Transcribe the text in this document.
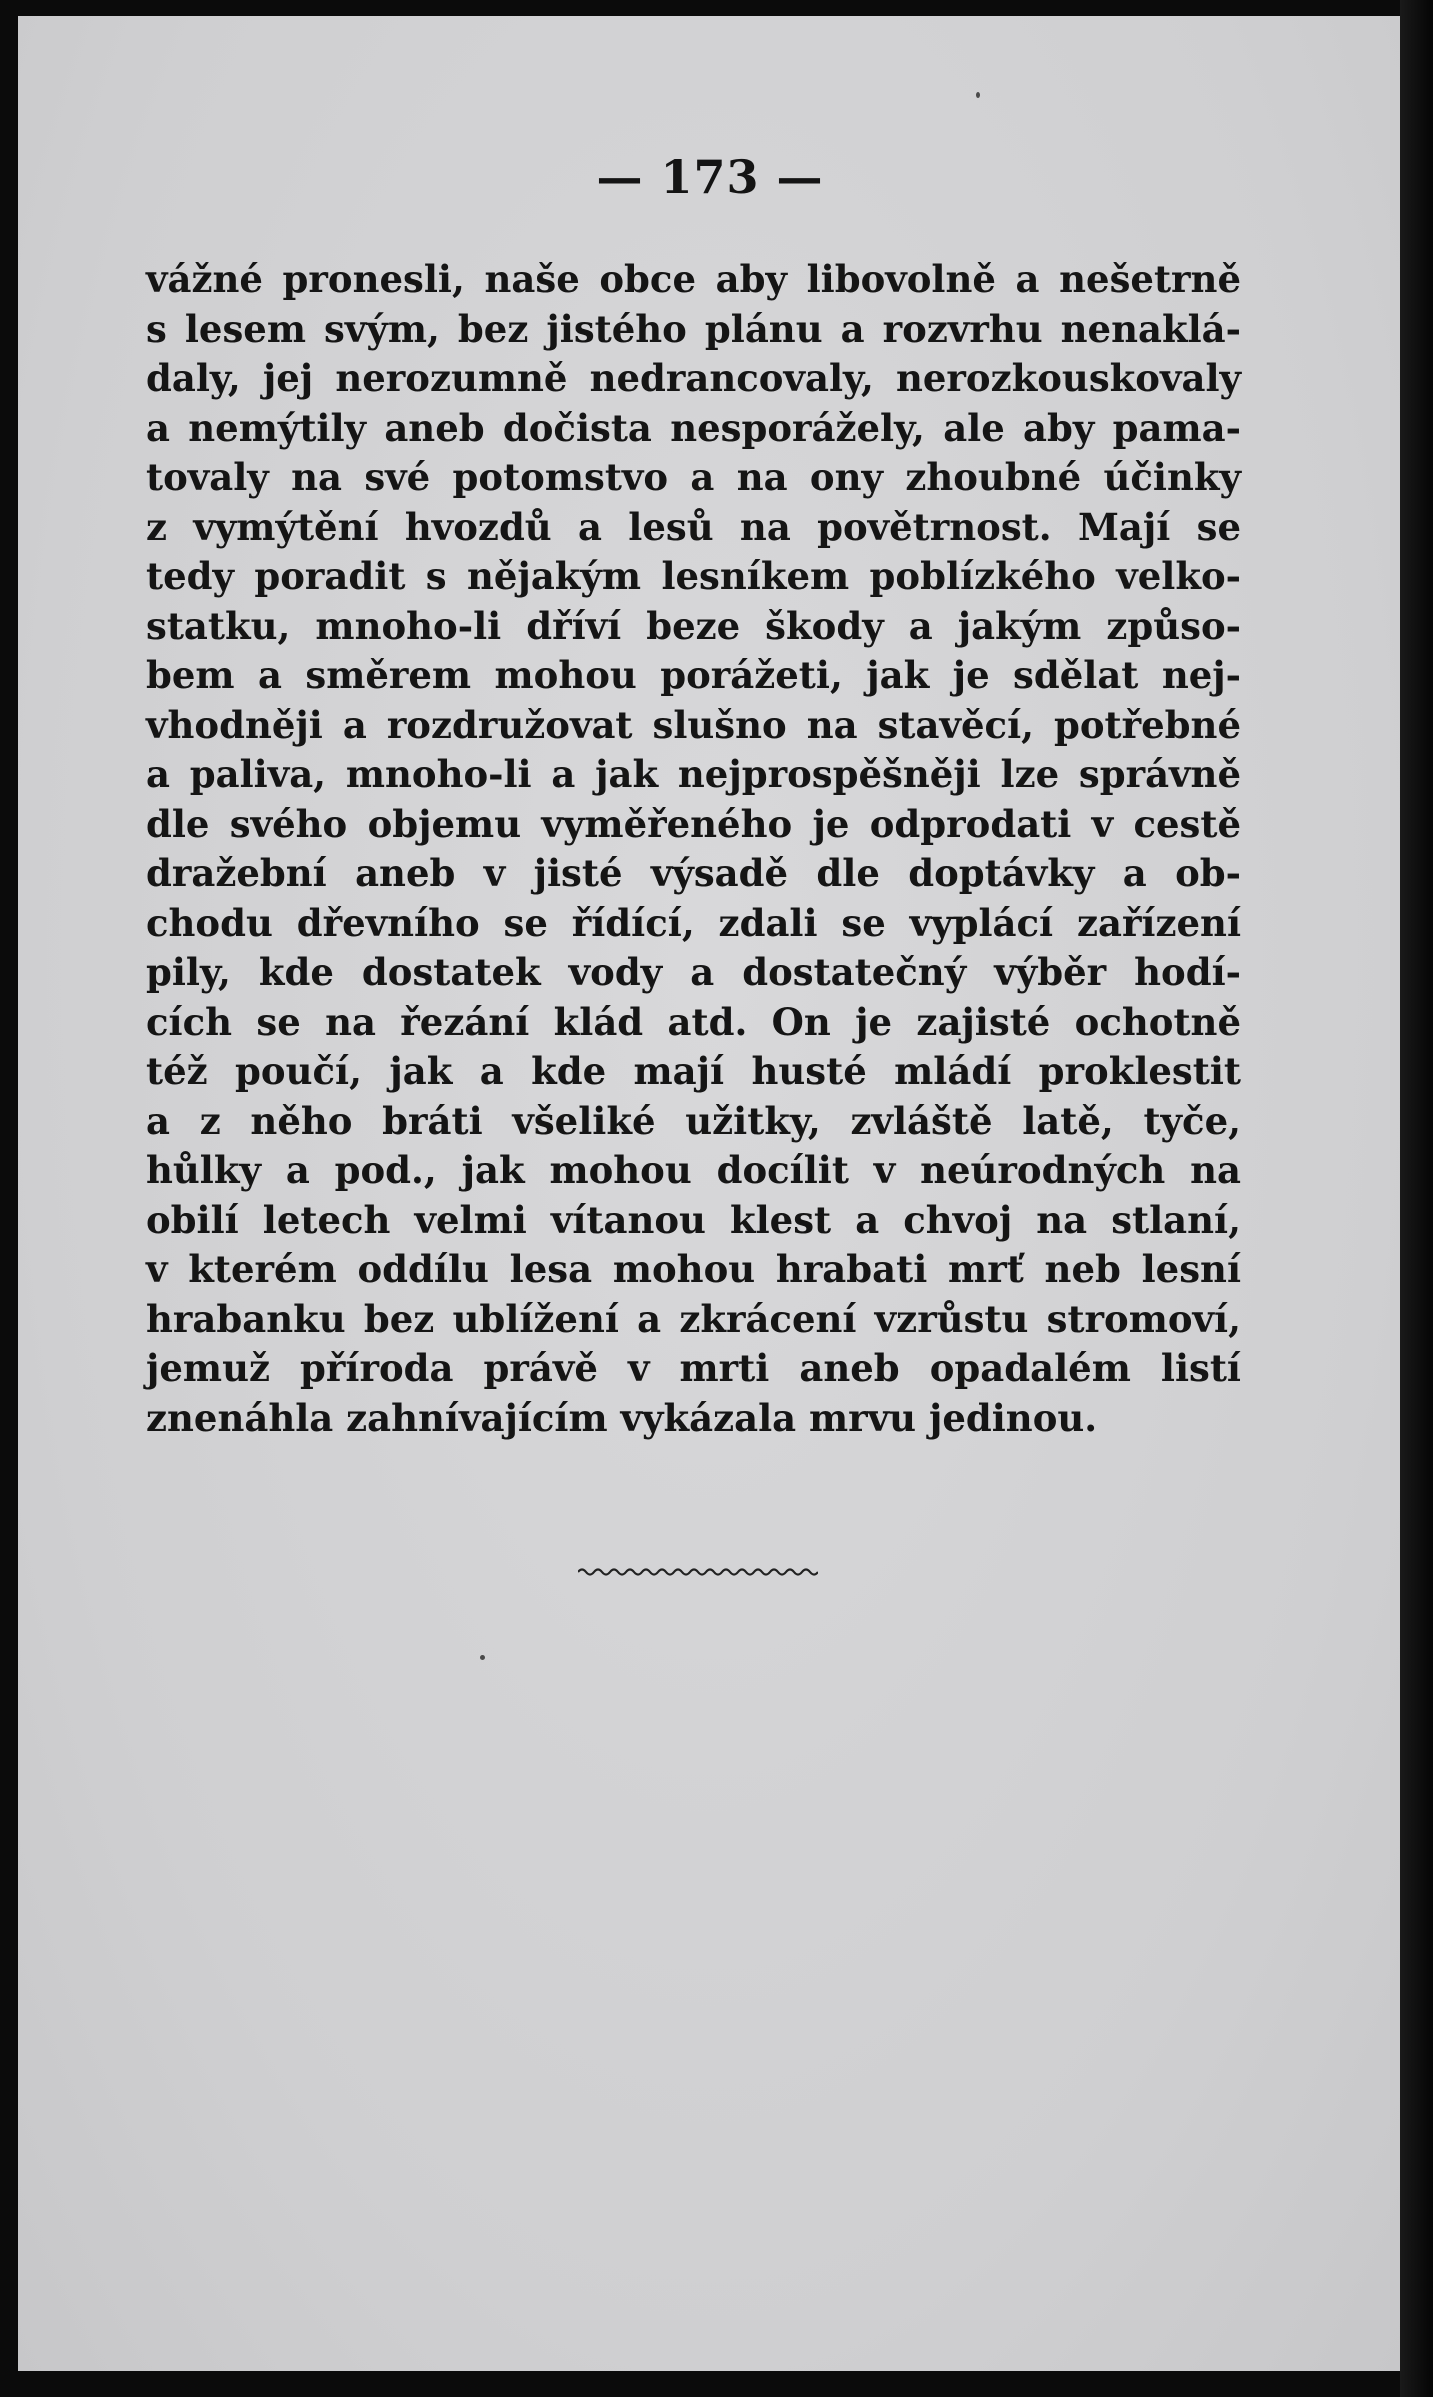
— 173 —
vážné pronesli, naše obce aby libovolně a nešetrně
s lesem svým, bez jistého plánu a rozvrhu nenaklá-
daly, jej nerozumně nedrancovaly, nerozkouskovaly
a nemýtily aneb dočista nesporážely, ale aby pama-
tovaly na své potomstvo a na ony zhoubné účinky
z vymýtění hvozdů a lesů na povětrnost. Mají se
tedy poradit s nějakým lesníkem poblízkého velko-
statku, mnoho-li dříví beze škody a jakým způso-
bem a směrem mohou porážeti, jak je sdělat nej-
vhodněji a rozdružovat slušno na stavěcí, potřebné
a paliva, mnoho-li a jak nejprospěšněji lze správně
dle svého objemu vyměřeného je odprodati v cestě
dražební aneb v jisté výsadě dle doptávky a ob-
chodu dřevního se řídící, zdali se vyplácí zařízení
pily, kde dostatek vody a dostatečný výběr hodí-
cích se na řezání klád atd. On je zajisté ochotně
též poučí, jak a kde mají husté mládí proklestit
a z něho bráti všeliké užitky, zvláště latě, tyče,
hůlky a pod., jak mohou docílit v neúrodných na
obilí letech velmi vítanou klest a chvoj na stlaní,
v kterém oddílu lesa mohou hrabati mrť neb lesní
hrabanku bez ublížení a zkrácení vzrůstu stromoví,
jemuž příroda právě v mrti aneb opadalém listí
znenáhla zahnívajícím vykázala mrvu jedinou.
